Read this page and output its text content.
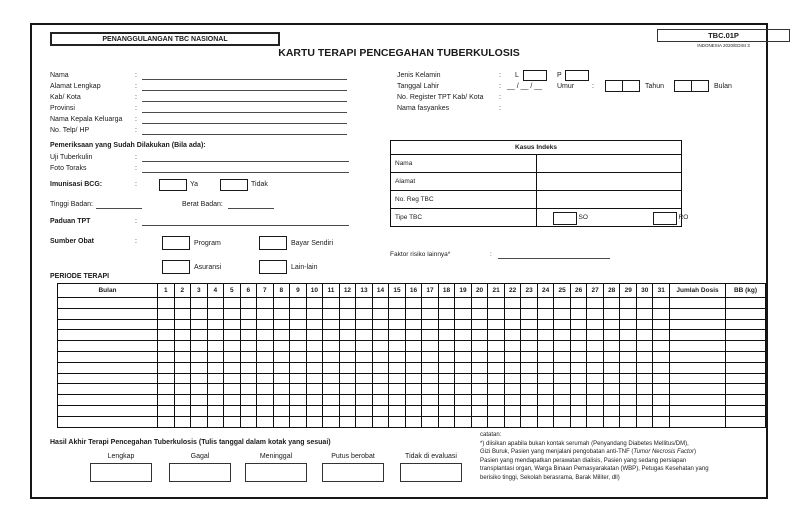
PENANGGULANGAN TBC NASIONAL	TBC.01P
INDONESIA 2020/EDISI 3
KARTU TERAPI PENCEGAHAN TUBERKULOSIS
Nama	:
Alamat Lengkap	:
Kab/ Kota	:
Provinsi	:
Nama Kepala Keluarga :
No. Telp/ HP	:
Jenis Kelamin	: L	P
Tanggal Lahir	: __ / __ / __ Umur	:	Tahun	Bulan
No. Register TPT Kab/ Kota :
Nama fasyankes	:
Pemeriksaan yang Sudah Dilakukan (Bila ada):
Uji Tuberkulin	:
Foto Toraks	:
Imunisasi BCG:	:	Ya	Tidak
Tinggi Badan:	Berat Badan:
Paduan TPT	:
Sumber Obat	:	Program	Bayar Sendiri
Asuransi	Lain-lain
Kasus Indeks	
Nama	
Alamat	
No. Reg TBC	
Tipe TBC	SO RO
Faktor risiko lainnya*	:
PERIODE TERAPI
Bulan	1	2	3	4	5	6	7	8	9	10	11	12	13	14	15	16	17	18	19	20	21	22	23	24	25	26	27	28	29	30	31	Jumlah Dosis	BB (kg)

Hasil Akhir Terapi Pencegahan Tuberkulosis (Tulis tanggal dalam kotak yang sesuai)
Lengkap	Gagal	Meninggal	Putus berobat	Tidak di evaluasi
catatan:
*) diisikan apabila bukan kontak serumah (Penyandang Diabetes Mellitus/DM),
Gizi Buruk, Pasien yang menjalani pengobatan anti-TNF (Tumor Necrosis Factor)
Pasien yang mendapatkan perawatan dialisis, Pasien yang sedang persiapan
transplantasi organ, Warga Binaan Pemasyarakatan (WBP), Petugas Kesehatan yang
berisiko tinggi, Sekolah berasrama, Barak Militer, dll)
